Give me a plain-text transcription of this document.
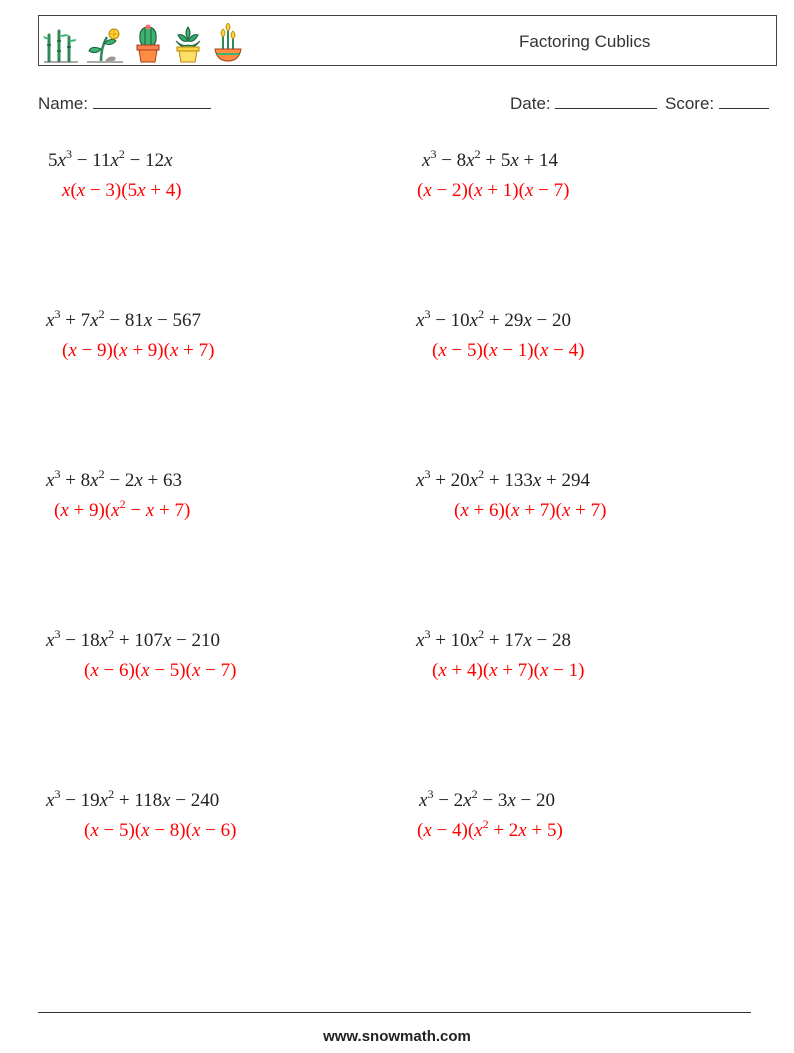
Factoring Cublics
Name:	Date:	Score:
$5x^3 - 11x^2 - 12x$
x(x − 3)(5x + 4)
$x^3 - 8x^2 + 5x + 14$
(x − 2)(x + 1)(x − 7)
$x^3 + 7x^2 - 81x - 567$
(x − 9)(x + 9)(x + 7)
$x^3 - 10x^2 + 29x - 20$
(x − 5)(x − 1)(x − 4)
$x^3 + 8x^2 - 2x + 63$
$(x + 9)(x^2 - x + 7)$
$x^3 + 20x^2 + 133x + 294$
(x + 6)(x + 7)(x + 7)
$x^3 - 18x^2 + 107x - 210$
(x − 6)(x − 5)(x − 7)
$x^3 + 10x^2 + 17x - 28$
(x + 4)(x + 7)(x − 1)
$x^3 - 19x^2 + 118x - 240$
(x − 5)(x − 8)(x − 6)
$x^3 - 2x^2 - 3x - 20$
$(x - 4)(x^2 + 2x + 5)$
www.snowmath.com
